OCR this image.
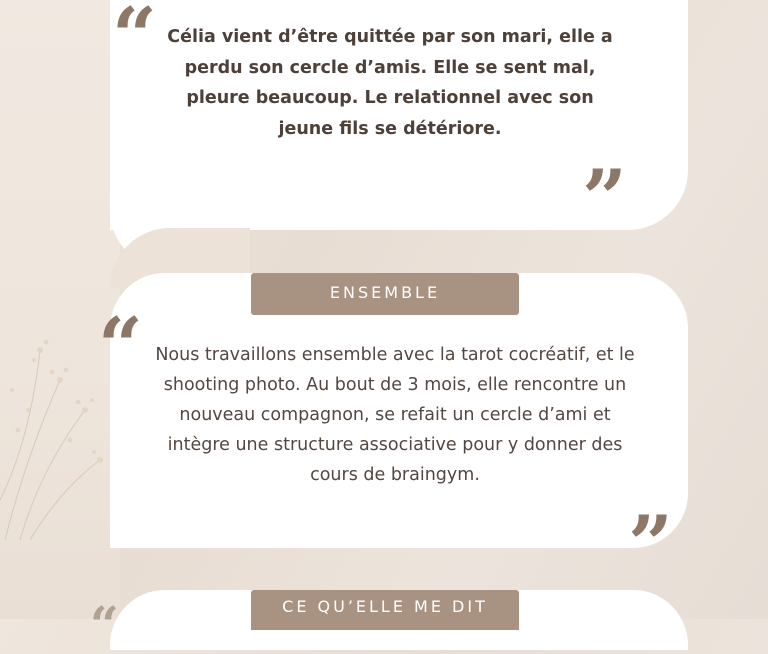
“ Célia vient d’être quittée par son mari, elle a perdu son cercle d’amis. Elle se sent mal, pleure beaucoup. Le relationnel avec son jeune fils se détériore.
”
ENSEMBLE
“ Nous travaillons ensemble avec la tarot cocréatif, et le shooting photo. Au bout de 3 mois, elle rencontre un nouveau compagnon, se refait un cercle d’ami et intègre une structure associative pour y donner des cours de braingym.
”
CE QU’ELLE ME DIT
“
